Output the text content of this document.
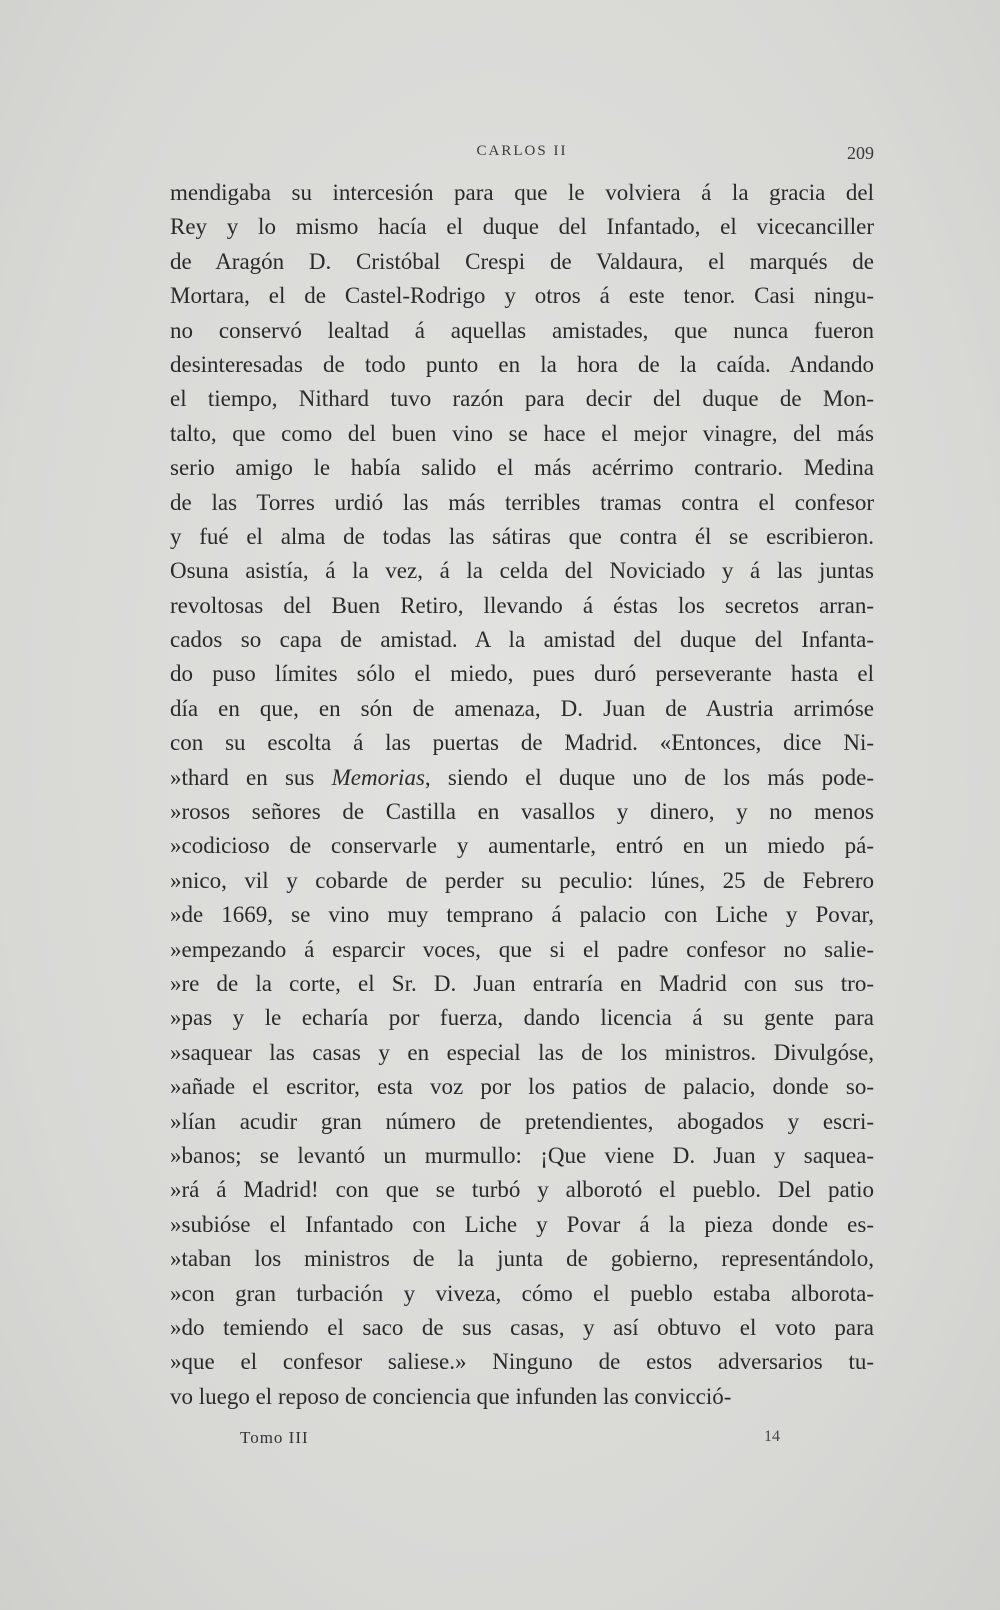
CARLOS II	209
mendigaba su intercesión para que le volviera á la gracia del
Rey y lo mismo hacía el duque del Infantado, el vicecanciller
de Aragón D. Cristóbal Crespi de Valdaura, el marqués de
Mortara, el de Castel-Rodrigo y otros á este tenor. Casi ningu-
no conservó lealtad á aquellas amistades, que nunca fueron
desinteresadas de todo punto en la hora de la caída. Andando
el tiempo, Nithard tuvo razón para decir del duque de Mon-
talto, que como del buen vino se hace el mejor vinagre, del más
serio amigo le había salido el más acérrimo contrario. Medina
de las Torres urdió las más terribles tramas contra el confesor
y fué el alma de todas las sátiras que contra él se escribieron.
Osuna asistía, á la vez, á la celda del Noviciado y á las juntas
revoltosas del Buen Retiro, llevando á éstas los secretos arran-
cados so capa de amistad. A la amistad del duque del Infanta-
do puso límites sólo el miedo, pues duró perseverante hasta el
día en que, en són de amenaza, D. Juan de Austria arrimóse
con su escolta á las puertas de Madrid. «Entonces, dice Ni-
»thard en sus Memorias, siendo el duque uno de los más pode-
»rosos señores de Castilla en vasallos y dinero, y no menos
»codicioso de conservarle y aumentarle, entró en un miedo pá-
»nico, vil y cobarde de perder su peculio: lúnes, 25 de Febrero
»de 1669, se vino muy temprano á palacio con Liche y Povar,
»empezando á esparcir voces, que si el padre confesor no salie-
»re de la corte, el Sr. D. Juan entraría en Madrid con sus tro-
»pas y le echaría por fuerza, dando licencia á su gente para
»saquear las casas y en especial las de los ministros. Divulgóse,
»añade el escritor, esta voz por los patios de palacio, donde so-
»lían acudir gran número de pretendientes, abogados y escri-
»banos; se levantó un murmullo: ¡Que viene D. Juan y saquea-
»rá á Madrid! con que se turbó y alborotó el pueblo. Del patio
»subióse el Infantado con Liche y Povar á la pieza donde es-
»taban los ministros de la junta de gobierno, representándolo,
»con gran turbación y viveza, cómo el pueblo estaba alborota-
»do temiendo el saco de sus casas, y así obtuvo el voto para
»que el confesor saliese.» Ninguno de estos adversarios tu-
vo luego el reposo de conciencia que infunden las convicció-
Tomo III	14
